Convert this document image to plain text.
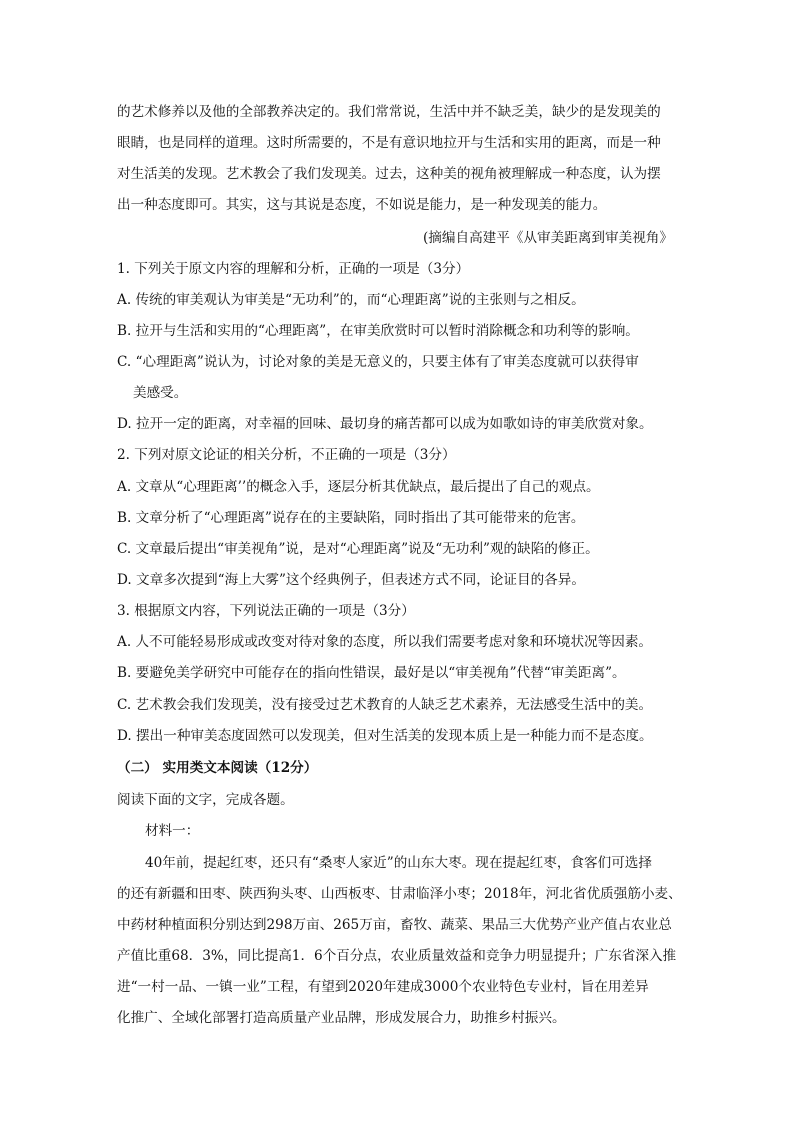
的艺术修养以及他的全部教养决定的。我们常常说，生活中并不缺乏美，缺少的是发现美的
眼睛，也是同样的道理。这时所需要的，不是有意识地拉开与生活和实用的距离，而是一种
对生活美的发现。艺术教会了我们发现美。过去，这种美的视角被理解成一种态度，认为摆
出一种态度即可。其实，这与其说是态度，不如说是能力，是一种发现美的能力。
(摘编自高建平《从审美距离到审美视角》
1. 下列关于原文内容的理解和分析，正确的一项是（3分）
A. 传统的审美观认为审美是“无功利”的，而“心理距离”说的主张则与之相反。
B. 拉开与生活和实用的“心理距离”，在审美欣赏时可以暂时消除概念和功利等的影响。
C. “心理距离”说认为，讨论对象的美是无意义的，只要主体有了审美态度就可以获得审
美感受。
D. 拉开一定的距离，对幸福的回味、最切身的痛苦都可以成为如歌如诗的审美欣赏对象。
2. 下列对原文论证的相关分析，不正确的一项是（3分）
A. 文章从“心理距离’’的概念入手，逐层分析其优缺点，最后提出了自己的观点。
B. 文章分析了“心理距离”说存在的主要缺陷，同时指出了其可能带来的危害。
C. 文章最后提出“审美视角”说，是对“心理距离”说及“无功利”观的缺陷的修正。
D. 文章多次提到“海上大雾”这个经典例子，但表述方式不同，论证目的各异。
3. 根据原文内容，下列说法正确的一项是（3分）
A. 人不可能轻易形成或改变对待对象的态度，所以我们需要考虑对象和环境状况等因素。
B. 要避免美学研究中可能存在的指向性错误，最好是以“审美视角”代替“审美距离”。
C. 艺术教会我们发现美，没有接受过艺术教育的人缺乏艺术素养，无法感受生活中的美。
D. 摆出一种审美态度固然可以发现美，但对生活美的发现本质上是一种能力而不是态度。
（二） 实用类文本阅读（12分）
阅读下面的文字，完成各题。
材料一：
40年前，提起红枣，还只有“桑枣人家近”的山东大枣。现在提起红枣，食客们可选择
的还有新疆和田枣、陕西狗头枣、山西板枣、甘肃临泽小枣；2018年，河北省优质强筋小麦、
中药材种植面积分别达到298万亩、265万亩，畜牧、蔬菜、果品三大优势产业产值占农业总
产值比重68．3%，同比提高1．6个百分点，农业质量效益和竞争力明显提升；广东省深入推
进“一村一品、一镇一业”工程，有望到2020年建成3000个农业特色专业村，旨在用差异
化推广、全域化部署打造高质量产业品牌，形成发展合力，助推乡村振兴。
